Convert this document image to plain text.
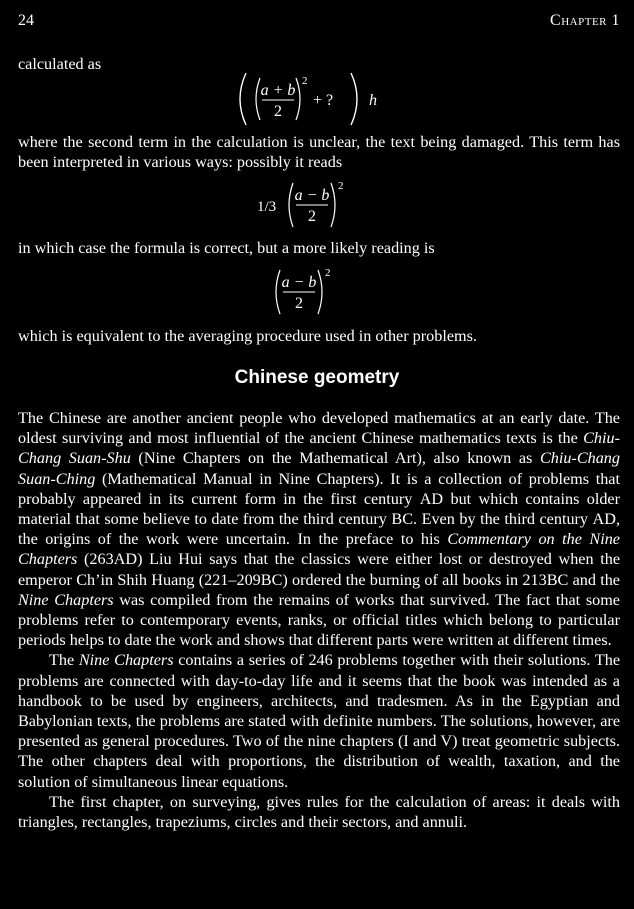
24	Chapter 1

calculated as

a + b
2
2
+ ? h

where the second term in the calculation is unclear, the text being damaged. This term has been interpreted in various ways: possibly it reads

1/3
a − b
2
2

in which case the formula is correct, but a more likely reading is

a − b
2
2

which is equivalent to the averaging procedure used in other problems.

Chinese geometry

The Chinese are another ancient people who developed mathematics at an early date. The oldest surviving and most influential of the ancient Chinese mathematics texts is the Chiu-Chang Suan-Shu (Nine Chapters on the Mathematical Art), also known as Chiu-Chang Suan-Ching (Mathematical Manual in Nine Chapters). It is a collection of problems that probably appeared in its current form in the first century AD but which contains older material that some believe to date from the third century BC. Even by the third century AD, the origins of the work were uncertain. In the preface to his Commentary on the Nine Chapters (263AD) Liu Hui says that the classics were either lost or destroyed when the emperor Ch’in Shih Huang (221–209BC) ordered the burning of all books in 213BC and the Nine Chapters was compiled from the remains of works that survived. The fact that some problems refer to contemporary events, ranks, or official titles which belong to particular periods helps to date the work and shows that different parts were written at different times.

The Nine Chapters contains a series of 246 problems together with their solutions. The problems are connected with day-to-day life and it seems that the book was intended as a handbook to be used by engineers, architects, and tradesmen. As in the Egyptian and Babylonian texts, the problems are stated with definite numbers. The solutions, however, are presented as general procedures. Two of the nine chapters (I and V) treat geometric subjects. The other chapters deal with proportions, the distribution of wealth, taxation, and the solution of simultaneous linear equations.

The first chapter, on surveying, gives rules for the calculation of areas: it deals with triangles, rectangles, trapeziums, circles and their sectors, and annuli.
